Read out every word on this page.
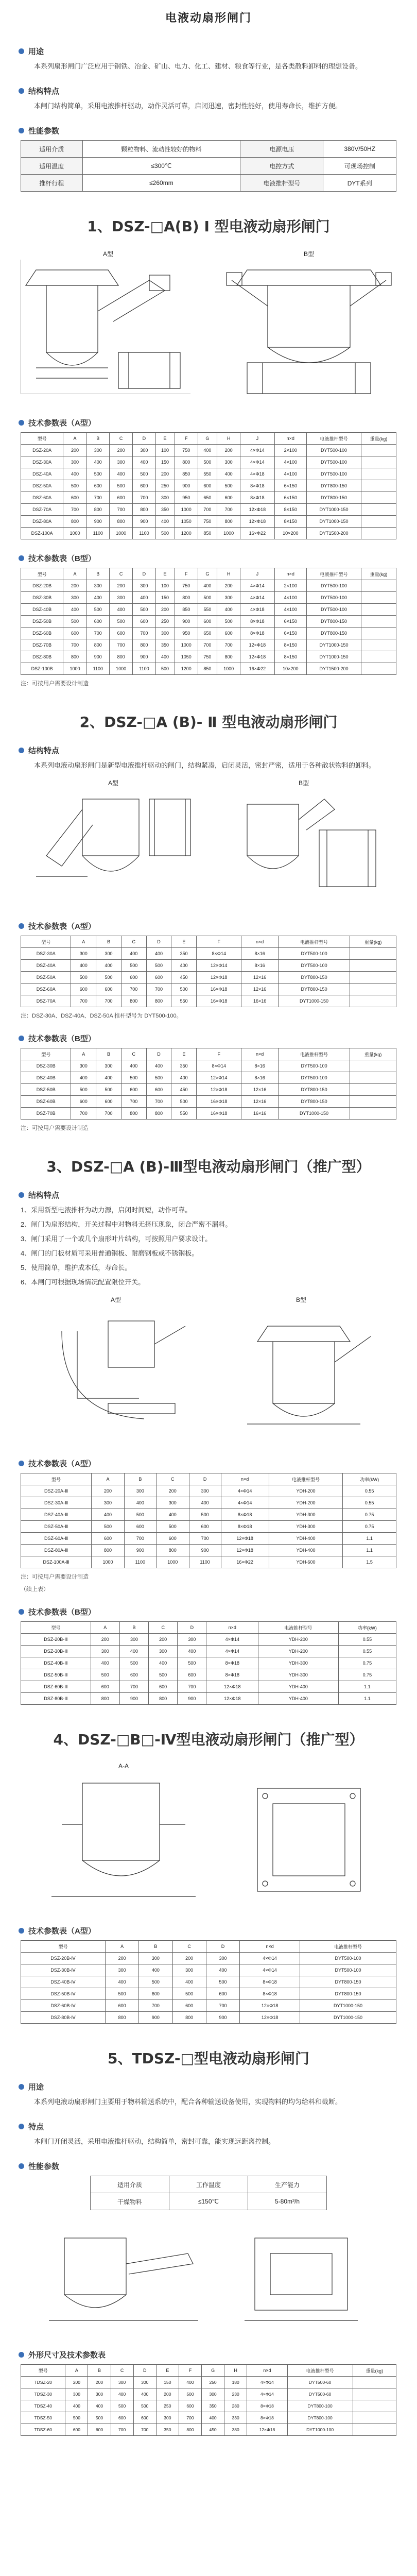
电液动扇形闸门
用途
本系列扇形闸门广泛应用于钢铁、冶金、矿山、电力、化工、建材、粮食等行业，是各类散料卸料的理想设备。
结构特点
本闸门结构简单，采用电液推杆驱动，动作灵活可靠，启闭迅速，密封性能好，使用寿命长，维护方便。
性能参数
适用介质	颗粒物料、流动性较好的物料	电源电压	380V/50HZ
适用温度	≤300℃	电控方式	可现场控制
推杆行程	≤260mm	电液推杆型号	DYT系列
1、DSZ-□A(B) Ⅰ 型电液动扇形闸门
A型	B型
技术参数表（A型）
型号	A	B	C	D	E	F	G	H	J	n×d	电液推杆型号	重量(kg)
DSZ-20A	200	300	200	300	100	750	400	200	4×Φ14	2×100	DYT500-100	
DSZ-30A	300	400	300	400	150	800	500	300	4×Φ14	4×100	DYT500-100	
DSZ-40A	400	500	400	500	200	850	550	400	4×Φ18	4×100	DYT500-100	
DSZ-50A	500	600	500	600	250	900	600	500	8×Φ18	6×150	DYT800-150	
DSZ-60A	600	700	600	700	300	950	650	600	8×Φ18	6×150	DYT800-150	
DSZ-70A	700	800	700	800	350	1000	700	700	12×Φ18	8×150	DYT1000-150	
DSZ-80A	800	900	800	900	400	1050	750	800	12×Φ18	8×150	DYT1000-150	
DSZ-100A	1000	1100	1000	1100	500	1200	850	1000	16×Φ22	10×200	DYT1500-200	
技术参数表（B型）
型号	A	B	C	D	E	F	G	H	J	n×d	电液推杆型号	重量(kg)
DSZ-20B	200	300	200	300	100	750	400	200	4×Φ14	2×100	DYT500-100	
DSZ-30B	300	400	300	400	150	800	500	300	4×Φ14	4×100	DYT500-100	
DSZ-40B	400	500	400	500	200	850	550	400	4×Φ18	4×100	DYT500-100	
DSZ-50B	500	600	500	600	250	900	600	500	8×Φ18	6×150	DYT800-150	
DSZ-60B	600	700	600	700	300	950	650	600	8×Φ18	6×150	DYT800-150	
DSZ-70B	700	800	700	800	350	1000	700	700	12×Φ18	8×150	DYT1000-150	
DSZ-80B	800	900	800	900	400	1050	750	800	12×Φ18	8×150	DYT1000-150	
DSZ-100B	1000	1100	1000	1100	500	1200	850	1000	16×Φ22	10×200	DYT1500-200	
注：可按用户需要设计制造
2、DSZ-□A (B)- Ⅱ 型电液动扇形闸门
结构特点
本系列电液动扇形闸门是新型电液推杆驱动的闸门，结构紧凑，启闭灵活，密封严密，适用于各种散状物料的卸料。
A型	B型
技术参数表（A型）
型号	A	B	C	D	E	F	n×d	电液推杆型号	重量(kg)
DSZ-30A	300	300	400	400	350	8×Φ14	8×16	DYT500-100	
DSZ-40A	400	400	500	500	400	12×Φ14	8×16	DYT500-100	
DSZ-50A	500	500	600	600	450	12×Φ18	12×16	DYT800-150	
DSZ-60A	600	600	700	700	500	16×Φ18	12×16	DYT800-150	
DSZ-70A	700	700	800	800	550	16×Φ18	16×16	DYT1000-150	
注：DSZ-30A、DSZ-40A、DSZ-50A 推杆型号为 DYT500-100。
技术参数表（B型）
型号	A	B	C	D	E	F	n×d	电液推杆型号	重量(kg)
DSZ-30B	300	300	400	400	350	8×Φ14	8×16	DYT500-100	
DSZ-40B	400	400	500	500	400	12×Φ14	8×16	DYT500-100	
DSZ-50B	500	500	600	600	450	12×Φ18	12×16	DYT800-150	
DSZ-60B	600	600	700	700	500	16×Φ18	12×16	DYT800-150	
DSZ-70B	700	700	800	800	550	16×Φ18	16×16	DYT1000-150	
注：可按用户需要设计制造
3、DSZ-□A (B)-Ⅲ型电液动扇形闸门（推广型）
结构特点
1、采用新型电液推杆为动力源，启闭时间短，动作可靠。
2、闸门为扇形结构，开关过程中对物料无挤压现象，闭合严密不漏料。
3、闸门采用了一个或几个扇形叶片结构，可按照用户要求设计。
4、闸门的门板材质可采用普通钢板、耐磨钢板或不锈钢板。
5、使用简单，维护成本低，寿命长。
6、本闸门可根据现场情况配置限位开关。
A型	B型
技术参数表（A型）
型号	A	B	C	D	n×d	电液推杆型号	功率(kW)
DSZ-20A-Ⅲ	200	300	200	300	4×Φ14	YDH-200	0.55
DSZ-30A-Ⅲ	300	400	300	400	4×Φ14	YDH-200	0.55
DSZ-40A-Ⅲ	400	500	400	500	8×Φ18	YDH-300	0.75
DSZ-50A-Ⅲ	500	600	500	600	8×Φ18	YDH-300	0.75
DSZ-60A-Ⅲ	600	700	600	700	12×Φ18	YDH-400	1.1
DSZ-80A-Ⅲ	800	900	800	900	12×Φ18	YDH-400	1.1
DSZ-100A-Ⅲ	1000	1100	1000	1100	16×Φ22	YDH-600	1.5
注：可按用户需要设计制造
（续上表）
技术参数表（B型）
型号	A	B	C	D	n×d	电液推杆型号	功率(kW)
DSZ-20B-Ⅲ	200	300	200	300	4×Φ14	YDH-200	0.55
DSZ-30B-Ⅲ	300	400	300	400	4×Φ14	YDH-200	0.55
DSZ-40B-Ⅲ	400	500	400	500	8×Φ18	YDH-300	0.75
DSZ-50B-Ⅲ	500	600	500	600	8×Φ18	YDH-300	0.75
DSZ-60B-Ⅲ	600	700	600	700	12×Φ18	YDH-400	1.1
DSZ-80B-Ⅲ	800	900	800	900	12×Φ18	YDH-400	1.1
4、DSZ-□B□-Ⅳ型电液动扇形闸门（推广型）
A-A
技术参数表（A型）
型号	A	B	C	D	n×d	电液推杆型号
DSZ-20B-Ⅳ	200	300	200	300	4×Φ14	DYT500-100
DSZ-30B-Ⅳ	300	400	300	400	4×Φ14	DYT500-100
DSZ-40B-Ⅳ	400	500	400	500	8×Φ18	DYT800-150
DSZ-50B-Ⅳ	500	600	500	600	8×Φ18	DYT800-150
DSZ-60B-Ⅳ	600	700	600	700	12×Φ18	DYT1000-150
DSZ-80B-Ⅳ	800	900	800	900	12×Φ18	DYT1000-150
5、TDSZ-□型电液动扇形闸门
用途
本系列电液动扇形闸门主要用于物料输送系统中，配合各种输送设备使用，实现物料的均匀给料和截断。
特点
本闸门开闭灵活，采用电液推杆驱动，结构简单，密封可靠，能实现远距离控制。
性能参数
适用介质	工作温度	生产能力
干燥物料	≤150℃	5-80m³/h
外形尺寸及技术参数表
型号	A	B	C	D	E	F	G	H	n×d	电液推杆型号	重量(kg)
TDSZ-20	200	200	300	300	150	400	250	180	4×Φ14	DYT500-60	
TDSZ-30	300	300	400	400	200	500	300	230	4×Φ14	DYT500-60	
TDSZ-40	400	400	500	500	250	600	350	280	8×Φ18	DYT800-100	
TDSZ-50	500	500	600	600	300	700	400	330	8×Φ18	DYT800-100	
TDSZ-60	600	600	700	700	350	800	450	380	12×Φ18	DYT1000-100	
